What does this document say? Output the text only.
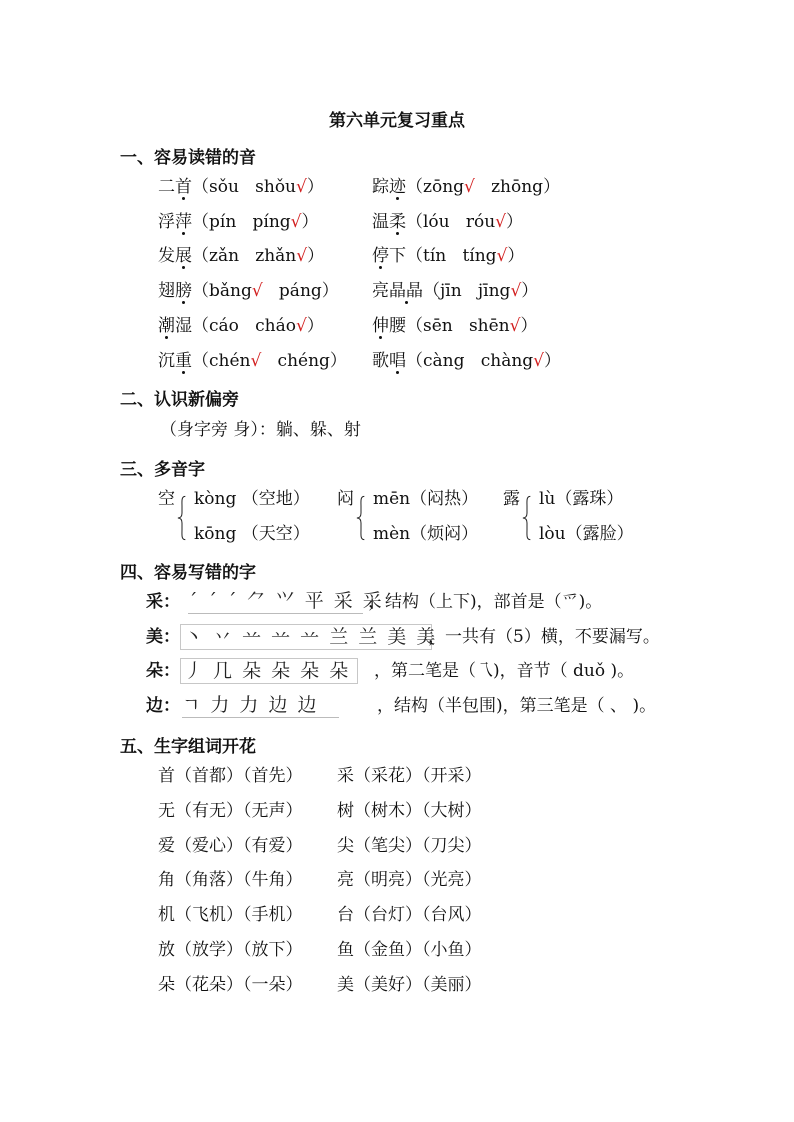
第六单元复习重点
一、容易读错的音
二首（sǒu shǒu√）	踪迹（zōng√ zhōng）
浮萍（pín píng√）	温柔（lóu róu√）
发展（zǎn zhǎn√）	停下（tín tíng√）
翅膀（bǎng√ páng） 亮晶晶（jīn jīng√）
潮湿（cáo cháo√）	伸腰（sēn shēn√）
沉重（chén√ chéng） 歌唱（càng chàng√）
二、认识新偏旁
（身字旁 身）：躺、躲、射
三、多音字
空 kòng （空地）
kōng （天空）
闷 mēn（闷热）
mèn（烦闷）
露 lù（露珠）
lòu（露脸）
四、容易写错的字
采： ˊ ˊ ˊ ⺈ ⺍ 平 采 采
，结构（上下)，部首是（爫)。
美： 丶 丷 䒑 䒑 䒑 兰 兰 美 美
，一共有（5）横，不要漏写。
朵： 丿 几 朵 朵 朵 朵	，第二笔是（乁)，音节（ duǒ )。
边： ㄱ 力 力 边 边	，结构（半包围)，第三笔是（ 、 )。
五、生字组词开花
首（首都）（首先） 采（采花）（开采）
无（有无）（无声） 树（树木）（大树）
爱（爱心）（有爱） 尖（笔尖）（刀尖）
角（角落）（牛角） 亮（明亮）（光亮）
机（飞机）（手机） 台（台灯）（台风）
放（放学）（放下） 鱼（金鱼）（小鱼）
朵（花朵）（一朵） 美（美好）（美丽）
